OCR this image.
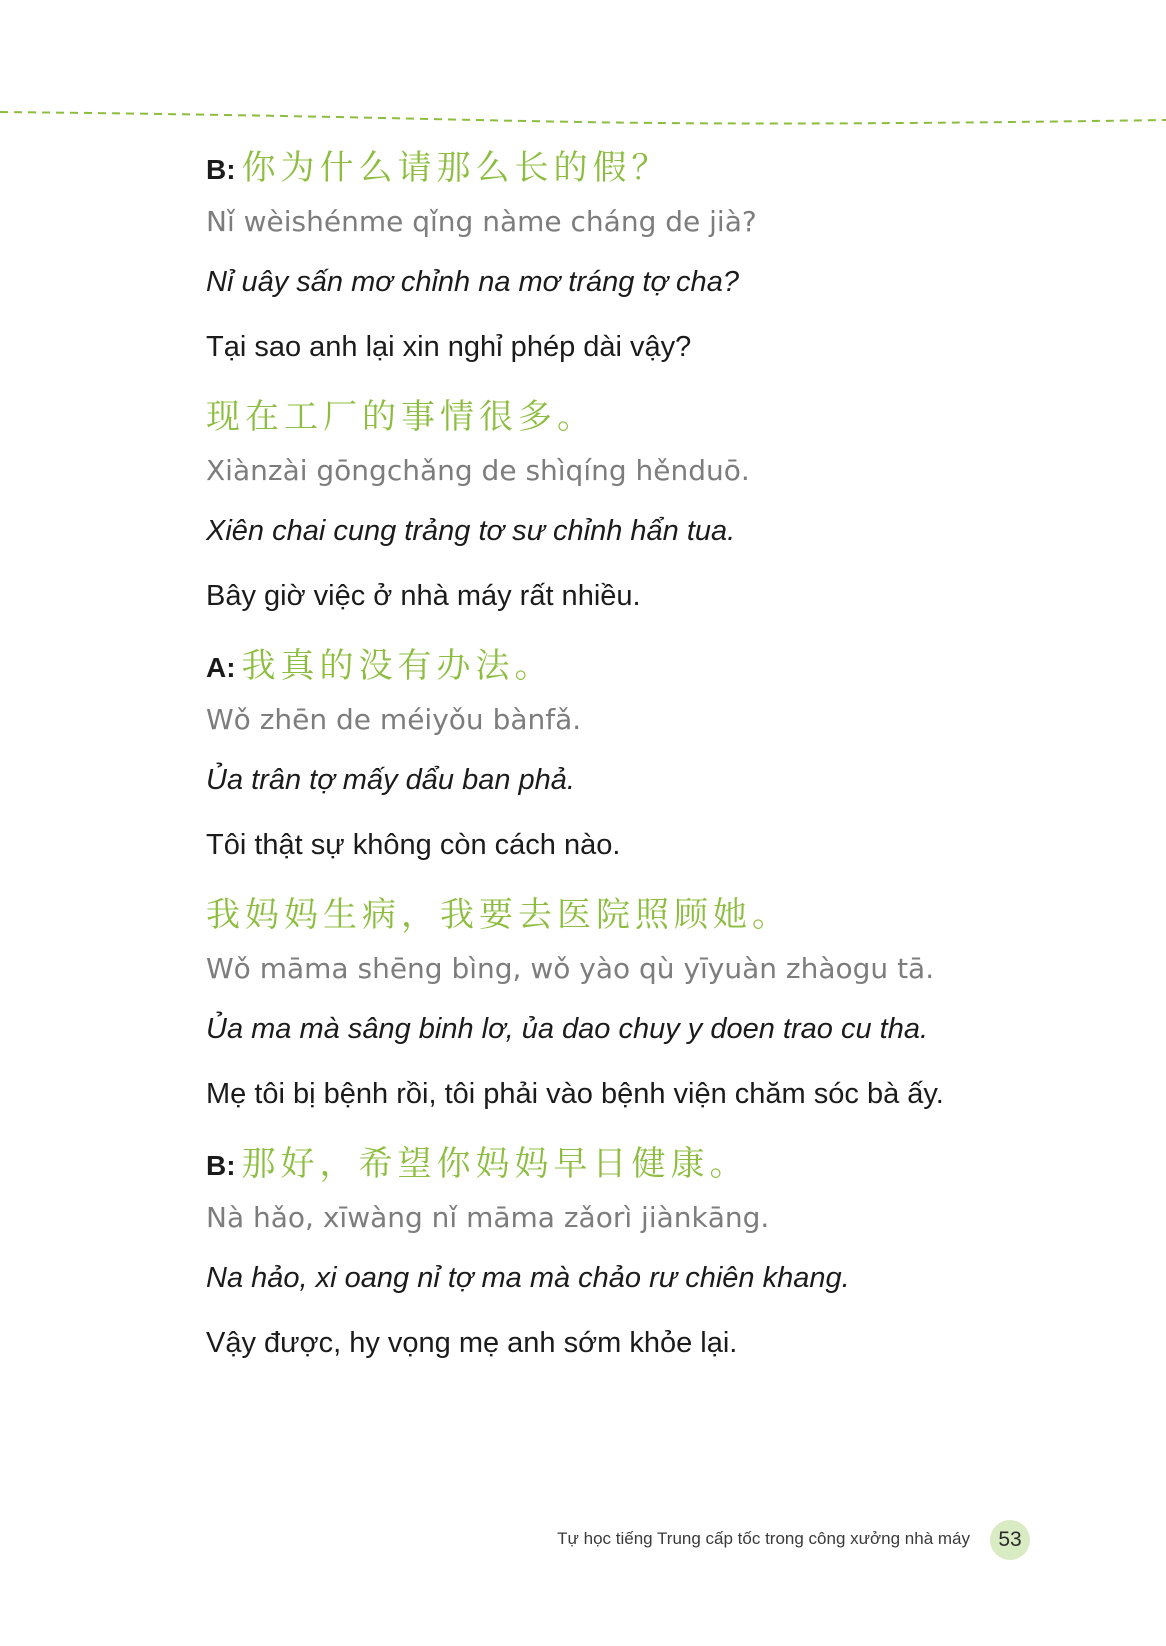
B: 你为什么请那么长的假？
Nǐ wèishénme qǐng nàme cháng de jià?
Nỉ uây sấn mơ chỉnh na mơ tráng tợ cha?
Tại sao anh lại xin nghỉ phép dài vậy?
现在工厂的事情很多。
Xiànzài gōngchǎng de shìqíng hěnduō.
Xiên chai cung trảng tơ sư chỉnh hẩn tua.
Bây giờ việc ở nhà máy rất nhiều.
A: 我真的没有办法。
Wǒ zhēn de méiyǒu bànfǎ.
Ủa trân tợ mấy dẩu ban phả.
Tôi thật sự không còn cách nào.
我妈妈生病，我要去医院照顾她。
Wǒ māma shēng bìng, wǒ yào qù yīyuàn zhàogu tā.
Ủa ma mà sâng binh lơ, ủa dao chuy y doen trao cu tha.
Mẹ tôi bị bệnh rồi, tôi phải vào bệnh viện chăm sóc bà ấy.
B: 那好，希望你妈妈早日健康。
Nà hǎo, xīwàng nǐ māma zǎorì jiànkāng.
Na hảo, xi oang nỉ tợ ma mà chảo rư chiên khang.
Vậy được, hy vọng mẹ anh sớm khỏe lại.
Tự học tiếng Trung cấp tốc trong công xưởng nhà máy	53
